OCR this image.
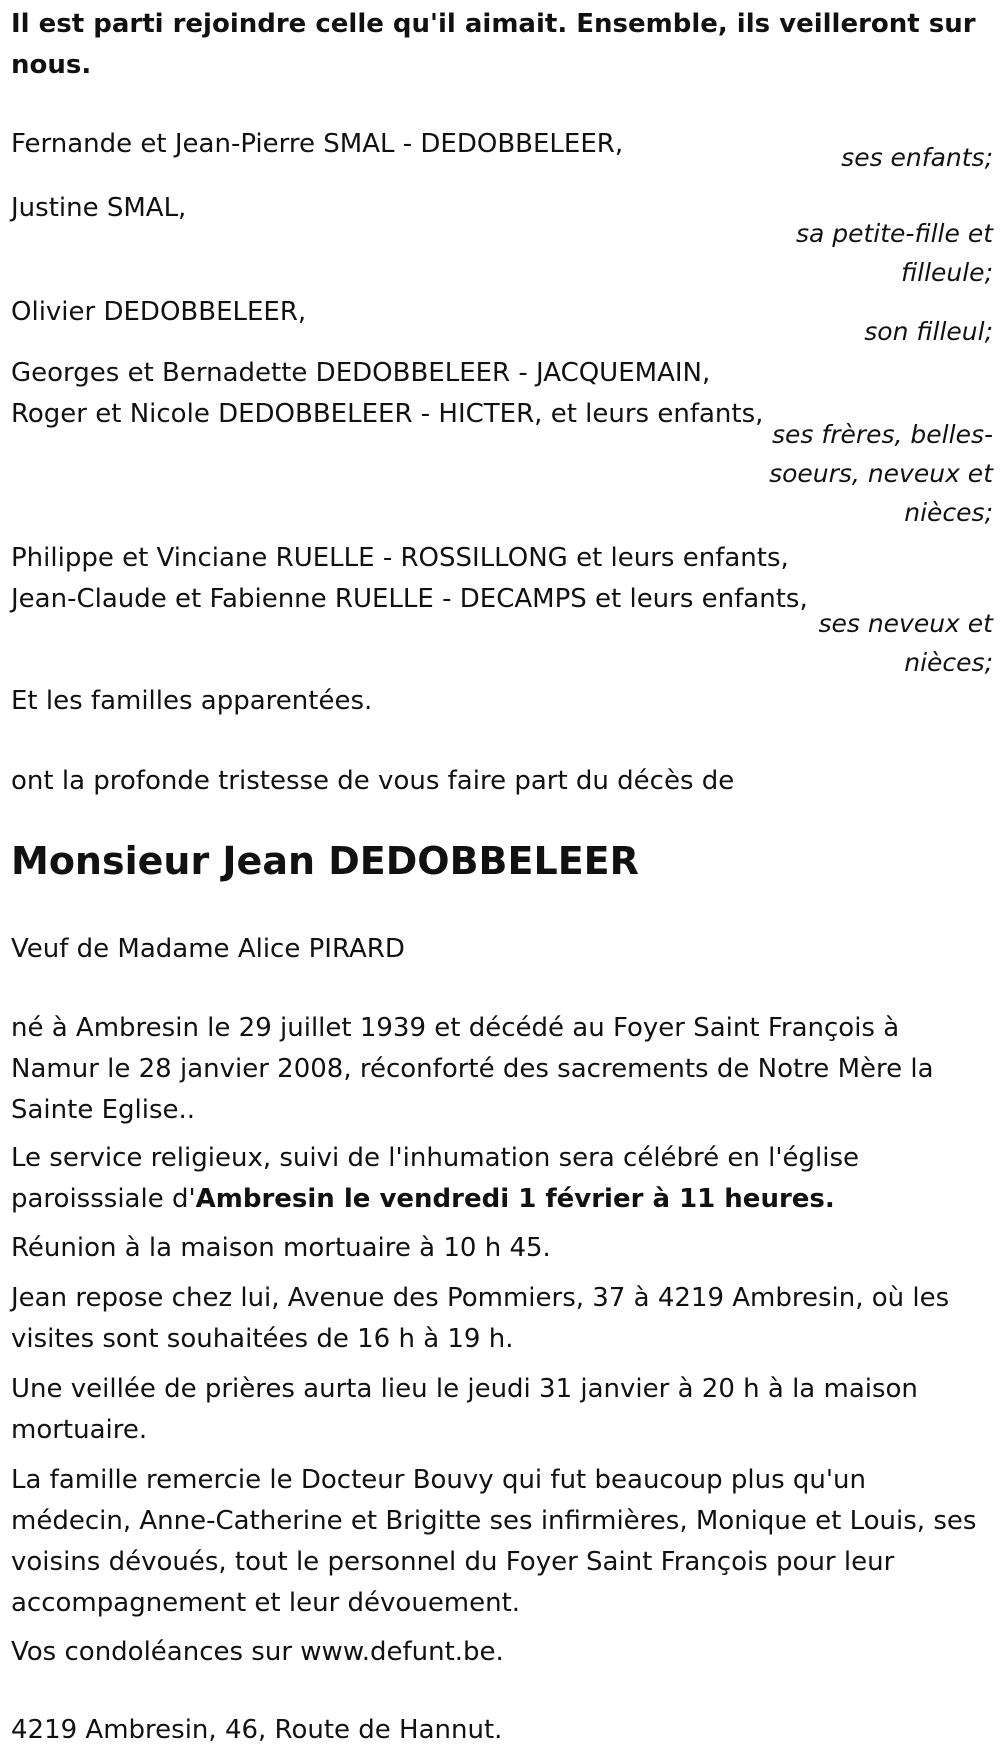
Il est parti rejoindre celle qu'il aimait. Ensemble, ils veilleront sur nous.

Fernande et Jean-Pierre SMAL - DEDOBBELEER,	ses enfants;
Justine SMAL,
sa petite-fille et
filleule;
Olivier DEDOBBELEER,
son filleul;
Georges et Bernadette DEDOBBELEER - JACQUEMAIN,
Roger et Nicole DEDOBBELEER - HICTER, et leurs enfants,
ses frères, belles-
soeurs, neveux et
nièces;
Philippe et Vinciane RUELLE - ROSSILLONG et leurs enfants,
Jean-Claude et Fabienne RUELLE - DECAMPS et leurs enfants,
ses neveux et
nièces;

Et les familles apparentées.

ont la profonde tristesse de vous faire part du décès de

Monsieur Jean DEDOBBELEER

Veuf de Madame Alice PIRARD

né à Ambresin le 29 juillet 1939 et décédé au Foyer Saint François à Namur le 28 janvier 2008, réconforté des sacrements de Notre Mère la Sainte Eglise..

Le service religieux, suivi de l'inhumation sera célébré en l'église paroisssiale d'Ambresin le vendredi 1 février à 11 heures.

Réunion à la maison mortuaire à 10 h 45.

Jean repose chez lui, Avenue des Pommiers, 37 à 4219 Ambresin, où les visites sont souhaitées de 16 h à 19 h.

Une veillée de prières aurta lieu le jeudi 31 janvier à 20 h à la maison mortuaire.

La famille remercie le Docteur Bouvy qui fut beaucoup plus qu'un médecin, Anne-Catherine et Brigitte ses infirmières, Monique et Louis, ses voisins dévoués, tout le personnel du Foyer Saint François pour leur accompagnement et leur dévouement.

Vos condoléances sur www.defunt.be.

4219 Ambresin, 46, Route de Hannut.
